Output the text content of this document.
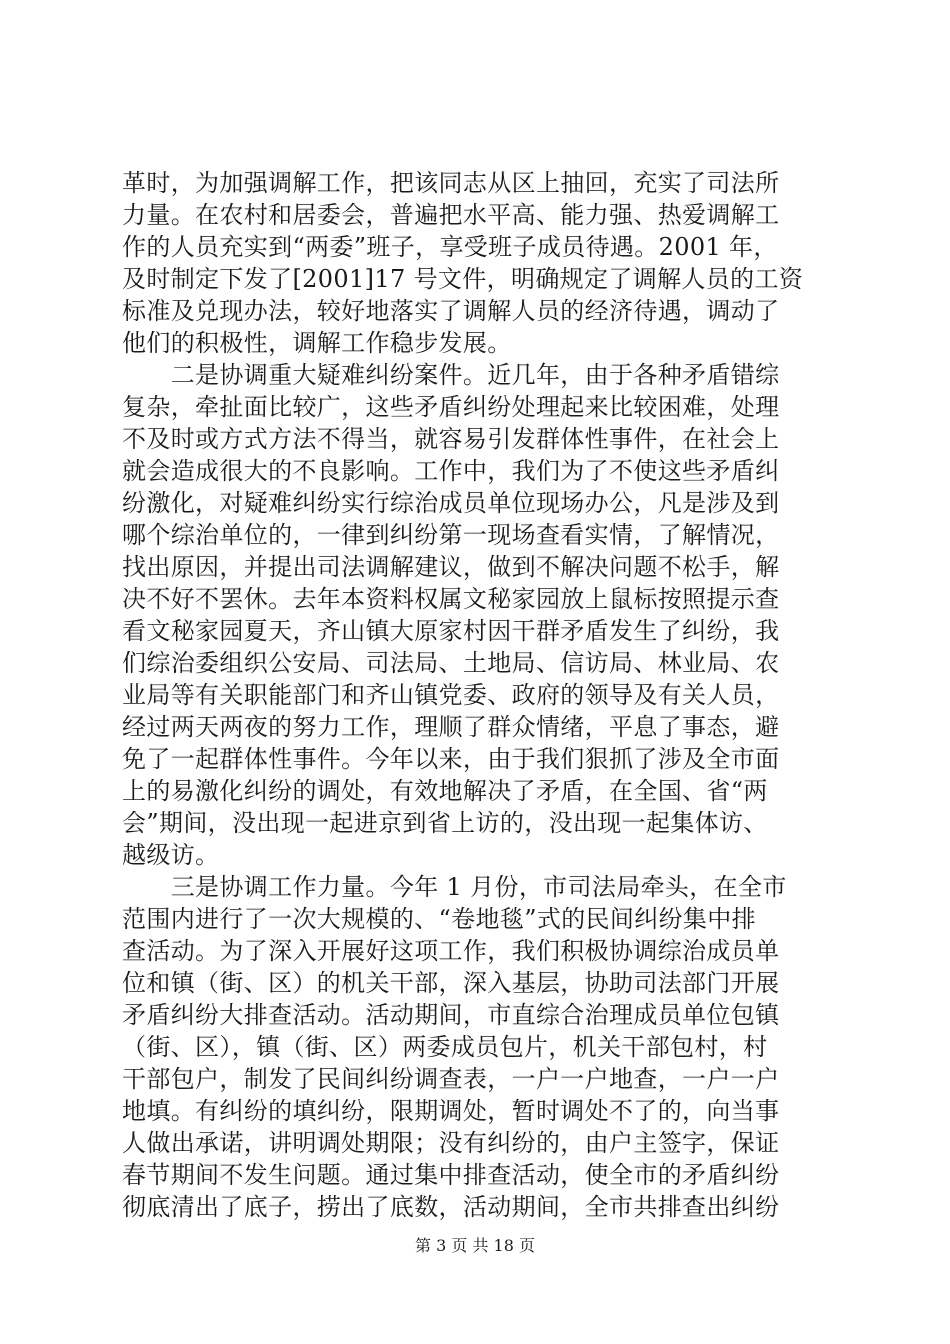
革时，为加强调解工作，把该同志从区上抽回，充实了司法所
力量。在农村和居委会，普遍把水平高、能力强、热爱调解工
作的人员充实到“两委”班子，享受班子成员待遇。2001 年，
及时制定下发了[2001]17 号文件，明确规定了调解人员的工资
标准及兑现办法，较好地落实了调解人员的经济待遇，调动了
他们的积极性，调解工作稳步发展。
　　二是协调重大疑难纠纷案件。近几年，由于各种矛盾错综
复杂，牵扯面比较广，这些矛盾纠纷处理起来比较困难，处理
不及时或方式方法不得当，就容易引发群体性事件，在社会上
就会造成很大的不良影响。工作中，我们为了不使这些矛盾纠
纷激化，对疑难纠纷实行综治成员单位现场办公，凡是涉及到
哪个综治单位的，一律到纠纷第一现场查看实情，了解情况，
找出原因，并提出司法调解建议，做到不解决问题不松手，解
决不好不罢休。去年本资料权属文秘家园放上鼠标按照提示查
看文秘家园夏天，齐山镇大原家村因干群矛盾发生了纠纷，我
们综治委组织公安局、司法局、土地局、信访局、林业局、农
业局等有关职能部门和齐山镇党委、政府的领导及有关人员，
经过两天两夜的努力工作，理顺了群众情绪，平息了事态，避
免了一起群体性事件。今年以来，由于我们狠抓了涉及全市面
上的易激化纠纷的调处，有效地解决了矛盾，在全国、省“两
会”期间，没出现一起进京到省上访的，没出现一起集体访、
越级访。
　　三是协调工作力量。今年 1 月份，市司法局牵头，在全市
范围内进行了一次大规模的、“卷地毯”式的民间纠纷集中排
查活动。为了深入开展好这项工作，我们积极协调综治成员单
位和镇（街、区）的机关干部，深入基层，协助司法部门开展
矛盾纠纷大排查活动。活动期间，市直综合治理成员单位包镇
（街、区），镇（街、区）两委成员包片，机关干部包村，村
干部包户，制发了民间纠纷调查表，一户一户地查，一户一户
地填。有纠纷的填纠纷，限期调处，暂时调处不了的，向当事
人做出承诺，讲明调处期限；没有纠纷的，由户主签字，保证
春节期间不发生问题。通过集中排查活动，使全市的矛盾纠纷
彻底清出了底子，捞出了底数，活动期间，全市共排查出纠纷
第 3 页 共 18 页
